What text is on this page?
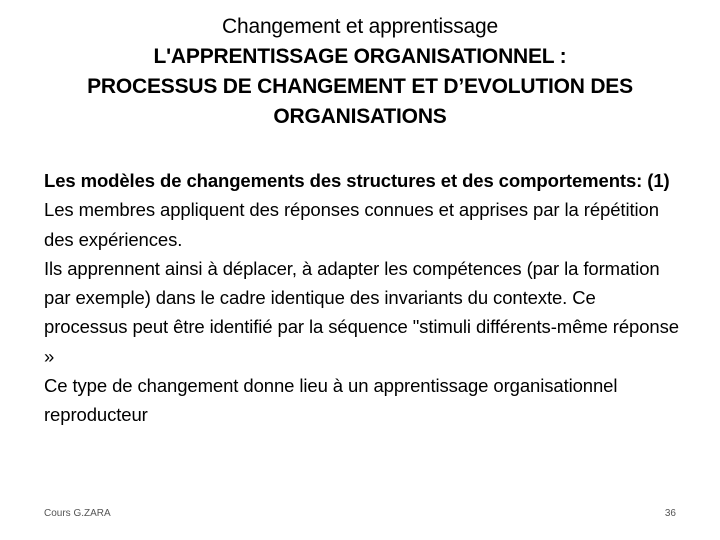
Changement et apprentissage
L'APPRENTISSAGE ORGANISATIONNEL :
PROCESSUS DE CHANGEMENT ET D’EVOLUTION DES
ORGANISATIONS

Les modèles de changements des structures et des comportements: (1)

Les membres appliquent des réponses connues et apprises par la répétition des expériences.

Ils apprennent ainsi à déplacer, à adapter les compétences (par la formation par exemple) dans le cadre identique des invariants du contexte. Ce processus peut être identifié par la séquence "stimuli différents-même réponse »

Ce type de changement donne lieu à un apprentissage organisationnel reproducteur

Cours G.ZARA	36
